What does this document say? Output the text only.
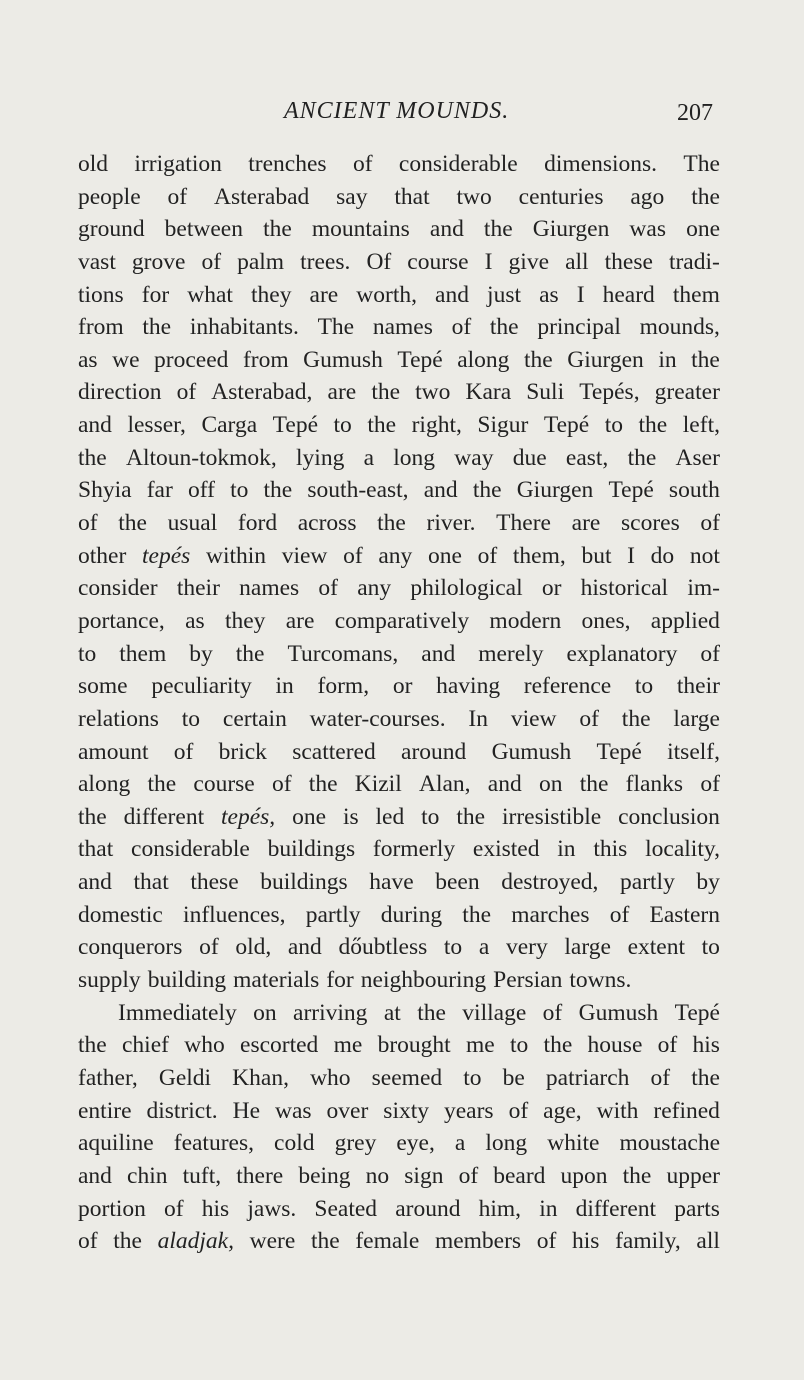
ANCIENT MOUNDS.	207
old irrigation trenches of considerable dimensions. The
people of Asterabad say that two centuries ago the
ground between the mountains and the Giurgen was one
vast grove of palm trees. Of course I give all these tradi-
tions for what they are worth, and just as I heard them
from the inhabitants. The names of the principal mounds,
as we proceed from Gumush Tepé along the Giurgen in the
direction of Asterabad, are the two Kara Suli Tepés, greater
and lesser, Carga Tepé to the right, Sigur Tepé to the left,
the Altoun-tokmok, lying a long way due east, the Aser
Shyia far off to the south-east, and the Giurgen Tepé south
of the usual ford across the river. There are scores of
other tepés within view of any one of them, but I do not
consider their names of any philological or historical im-
portance, as they are comparatively modern ones, applied
to them by the Turcomans, and merely explanatory of
some peculiarity in form, or having reference to their
relations to certain water-courses. In view of the large
amount of brick scattered around Gumush Tepé itself,
along the course of the Kizil Alan, and on the flanks of
the different tepés, one is led to the irresistible conclusion
that considerable buildings formerly existed in this locality,
and that these buildings have been destroyed, partly by
domestic influences, partly during the marches of Eastern
conquerors of old, and dőubtless to a very large extent to
supply building materials for neighbouring Persian towns.
Immediately on arriving at the village of Gumush Tepé
the chief who escorted me brought me to the house of his
father, Geldi Khan, who seemed to be patriarch of the
entire district. He was over sixty years of age, with refined
aquiline features, cold grey eye, a long white moustache
and chin tuft, there being no sign of beard upon the upper
portion of his jaws. Seated around him, in different parts
of the aladjak, were the female members of his family, all
